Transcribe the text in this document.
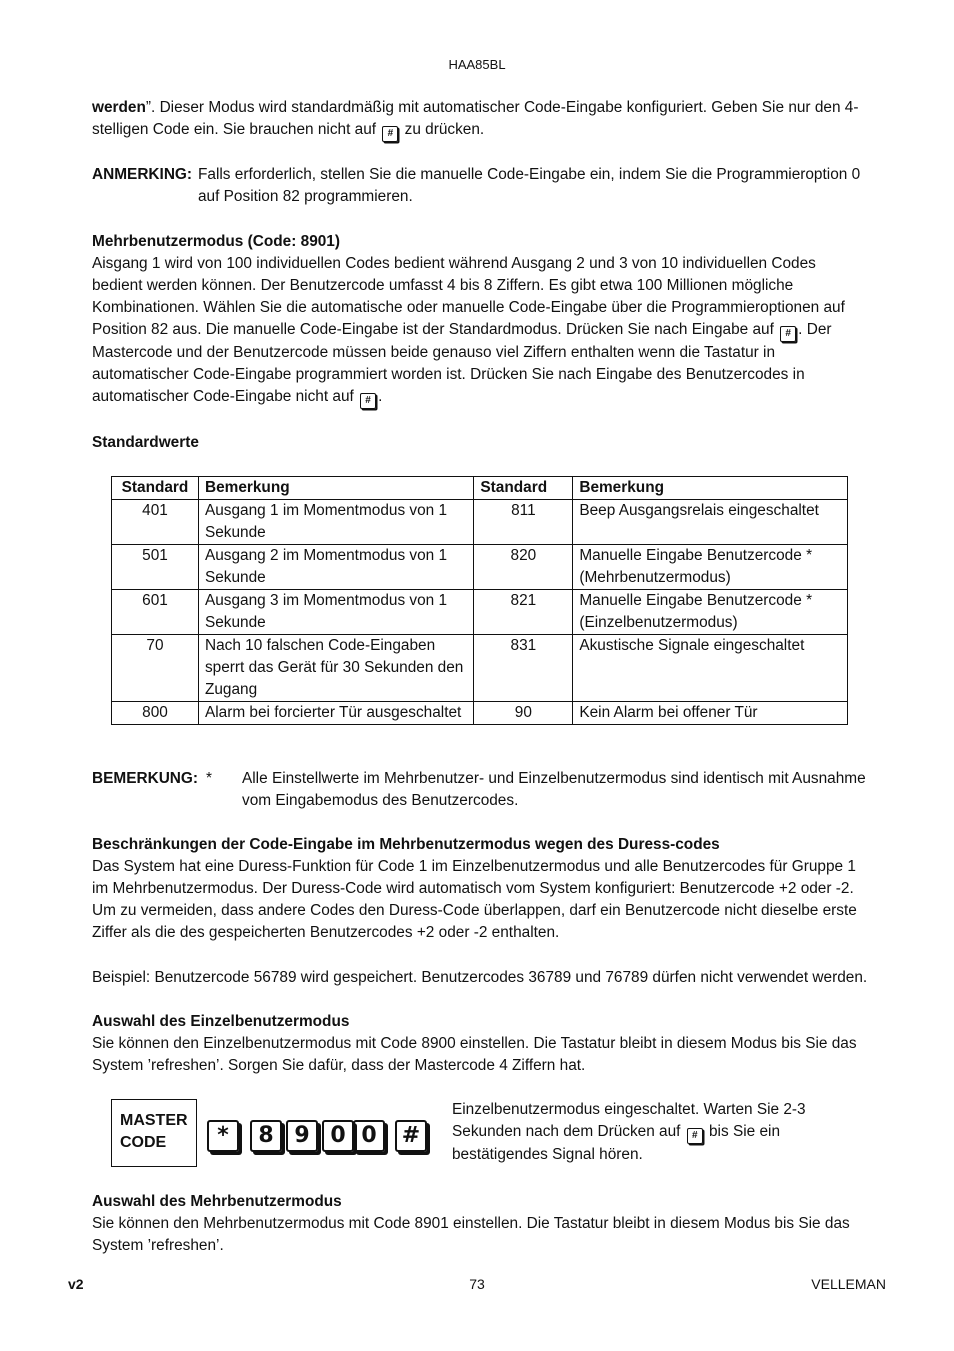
HAA85BL

werden”. Dieser Modus wird standardmäßig mit automatischer Code-Eingabe konfiguriert. Geben Sie nur den 4-

stelligen Code ein. Sie brauchen nicht auf # zu drücken.

ANMERKING: Falls erforderlich, stellen Sie die manuelle Code-Eingabe ein, indem Sie die Programmieroption 0

auf Position 82 programmieren.

Mehrbenutzermodus (Code: 8901)

Aisgang 1 wird von 100 individuellen Codes bedient während Ausgang 2 und 3 von 10 individuellen Codes

bedient werden können. Der Benutzercode umfasst 4 bis 8 Ziffern. Es gibt etwa 100 Millionen mögliche

Kombinationen. Wählen Sie die automatische oder manuelle Code-Eingabe über die Programmieroptionen auf

Position 82 aus. Die manuelle Code-Eingabe ist der Standardmodus. Drücken Sie nach Eingabe auf # . Der

Mastercode und der Benutzercode müssen beide genauso viel Ziffern enthalten wenn die Tastatur in

automatischer Code-Eingabe programmiert worden ist. Drücken Sie nach Eingabe des Benutzercodes in

automatischer Code-Eingabe nicht auf # .

Standardwerte
Standard	Bemerkung	Standard	Bemerkung
401	Ausgang 1 im Momentmodus von 1 Sekunde	811	Beep Ausgangsrelais eingeschaltet
501	Ausgang 2 im Momentmodus von 1 Sekunde	820	Manuelle Eingabe Benutzercode * (Mehrbenutzermodus)
601	Ausgang 3 im Momentmodus von 1 Sekunde	821	Manuelle Eingabe Benutzercode * (Einzelbenutzermodus)
70	Nach 10 falschen Code-Eingaben sperrt das Gerät für 30 Sekunden den Zugang	831	Akustische Signale eingeschaltet
800	Alarm bei forcierter Tür ausgeschaltet	90	Kein Alarm bei offener Tür
BEMERKUNG: * Alle Einstellwerte im Mehrbenutzer- und Einzelbenutzermodus sind identisch mit Ausnahme

vom Eingabemodus des Benutzercodes.

Beschränkungen der Code-Eingabe im Mehrbenutzermodus wegen des Duress-codes

Das System hat eine Duress-Funktion für Code 1 im Einzelbenutzermodus und alle Benutzercodes für Gruppe 1

im Mehrbenutzermodus. Der Duress-Code wird automatisch vom System konfiguriert: Benutzercode +2 oder -2.

Um zu vermeiden, dass andere Codes den Duress-Code überlappen, darf ein Benutzercode nicht dieselbe erste

Ziffer als die des gespeicherten Benutzercodes +2 oder -2 enthalten.

Beispiel: Benutzercode 56789 wird gespeichert. Benutzercodes 36789 und 76789 dürfen nicht verwendet werden.

Auswahl des Einzelbenutzermodus

Sie können den Einzelbenutzermodus mit Code 8900 einstellen. Die Tastatur bleibt in diesem Modus bis Sie das

System ’refreshen’. Sorgen Sie dafür, dass der Mastercode 4 Ziffern hat.

MASTER
CODE	*	8 9 0 0	#

Einzelbenutzermodus eingeschaltet. Warten Sie 2-3

Sekunden nach dem Drücken auf # bis Sie ein

bestätigendes Signal hören.

Auswahl des Mehrbenutzermodus

Sie können den Mehrbenutzermodus mit Code 8901 einstellen. Die Tastatur bleibt in diesem Modus bis Sie das

System ’refreshen’.

v2	73	VELLEMAN
